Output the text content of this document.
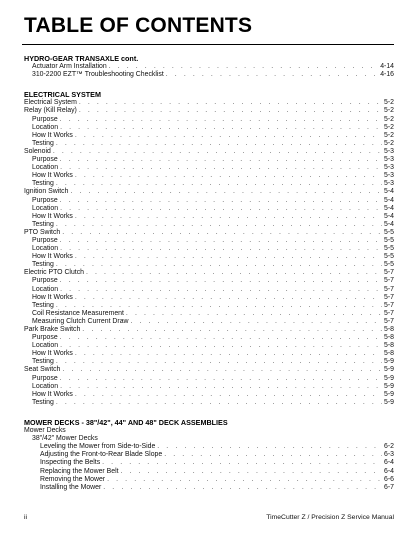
TABLE OF CONTENTS
HYDRO-GEAR TRANSAXLE cont.
Actuator Arm Installation . . .	4-14
310-2200 EZT™ Troubleshooting Checklist . . .	4-16
ELECTRICAL SYSTEM
Electrical System . . .	5-2
Relay (Kill Relay) . . .	5-2
Purpose . . .	5-2
Location . . .	5-2
How It Works . . .	5-2
Testing . . .	5-2
Solenoid . . .	5-3
Purpose . . .	5-3
Location . . .	5-3
How It Works . . .	5-3
Testing . . .	5-3
Ignition Switch . . .	5-4
Purpose . . .	5-4
Location . . .	5-4
How It Works . . .	5-4
Testing . . .	5-4
PTO Switch . . .	5-5
Purpose . . .	5-5
Location . . .	5-5
How It Works . . .	5-5
Testing . . .	5-5
Electric PTO Clutch . . .	5-7
Purpose . . .	5-7
Location . . .	5-7
How It Works . . .	5-7
Testing . . .	5-7
Coil Resistance Measurement . . .	5-7
Measuring Clutch Current Draw . . .	5-7
Park Brake Switch . . .	5-8
Purpose . . .	5-8
Location . . .	5-8
How It Works . . .	5-8
Testing . . .	5-9
Seat Switch . . .	5-9
Purpose . . .	5-9
Location . . .	5-9
How It Works . . .	5-9
Testing . . .	5-9
MOWER DECKS - 38"/42", 44" AND 48" DECK ASSEMBLIES
Mower Decks
38"/42" Mower Decks
Leveling the Mower from Side-to-Side . . .	6-2
Adjusting the Front-to-Rear Blade Slope . . .	6-3
Inspecting the Belts . . .	6-4
Replacing the Mower Belt . . .	6-4
Removing the Mower . . .	6-6
Installing the Mower . . .	6-7
ii	TimeCutter Z / Precision Z Service Manual
